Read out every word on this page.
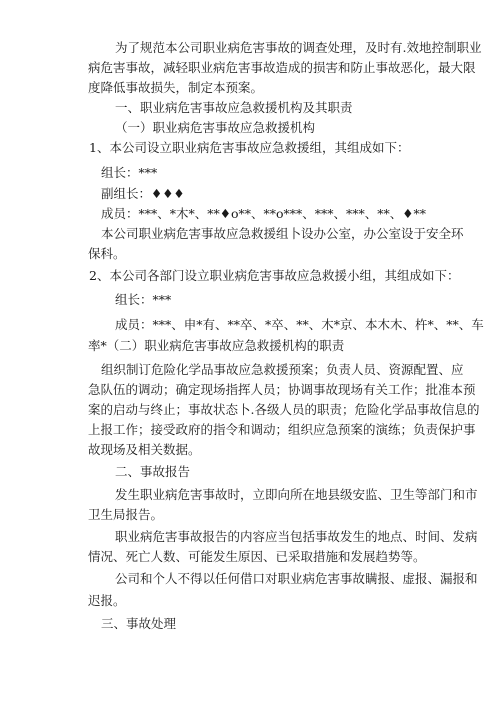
为了规范本公司职业病危害事故的调查处理，及时有.效地控制职业
病危害事故，减轻职业病危害事故造成的损害和防止事故恶化，最大限
度降低事故损失，制定本预案。
一、职业病危害事故应急救援机构及其职责
（一）职业病危害事故应急救援机构
1、本公司设立职业病危害事故应急救援组，其组成如下：
组长：***
副组长：♦♦♦
成员：***、*木*、**♦o**、**o***、***、***、**、♦**
本公司职业病危害事故应急救援组卜设办公室，办公室设于安全环
保科。
2、本公司各部门设立职业病危害事故应急救援小组，其组成如下：
组长：***
成员：***、申*有、**卒、*卒、**、木*京、本木木、杵*、**、车
率*（二）职业病危害事故应急救援机构的职责
组织制订危险化学品事故应急救援预案；负责人员、资源配置、应
急队伍的调动；确定现场指挥人员；协调事故现场有关工作；批准本预
案的启动与终止；事故状态卜.各级人员的职责；危险化学品事故信息的
上报工作；接受政府的指令和调动；组织应急预案的演练；负责保护事
故现场及相关数据。
二、事故报告
发生职业病危害事故时，立即向所在地县级安监、卫生等部门和市
卫生局报告。
职业病危害事故报告的内容应当包括事故发生的地点、时间、发病
情况、死亡人数、可能发生原因、已采取措施和发展趋势等。
公司和个人不得以任何借口对职业病危害事故瞒报、虚报、漏报和
迟报。
三、事故处理
